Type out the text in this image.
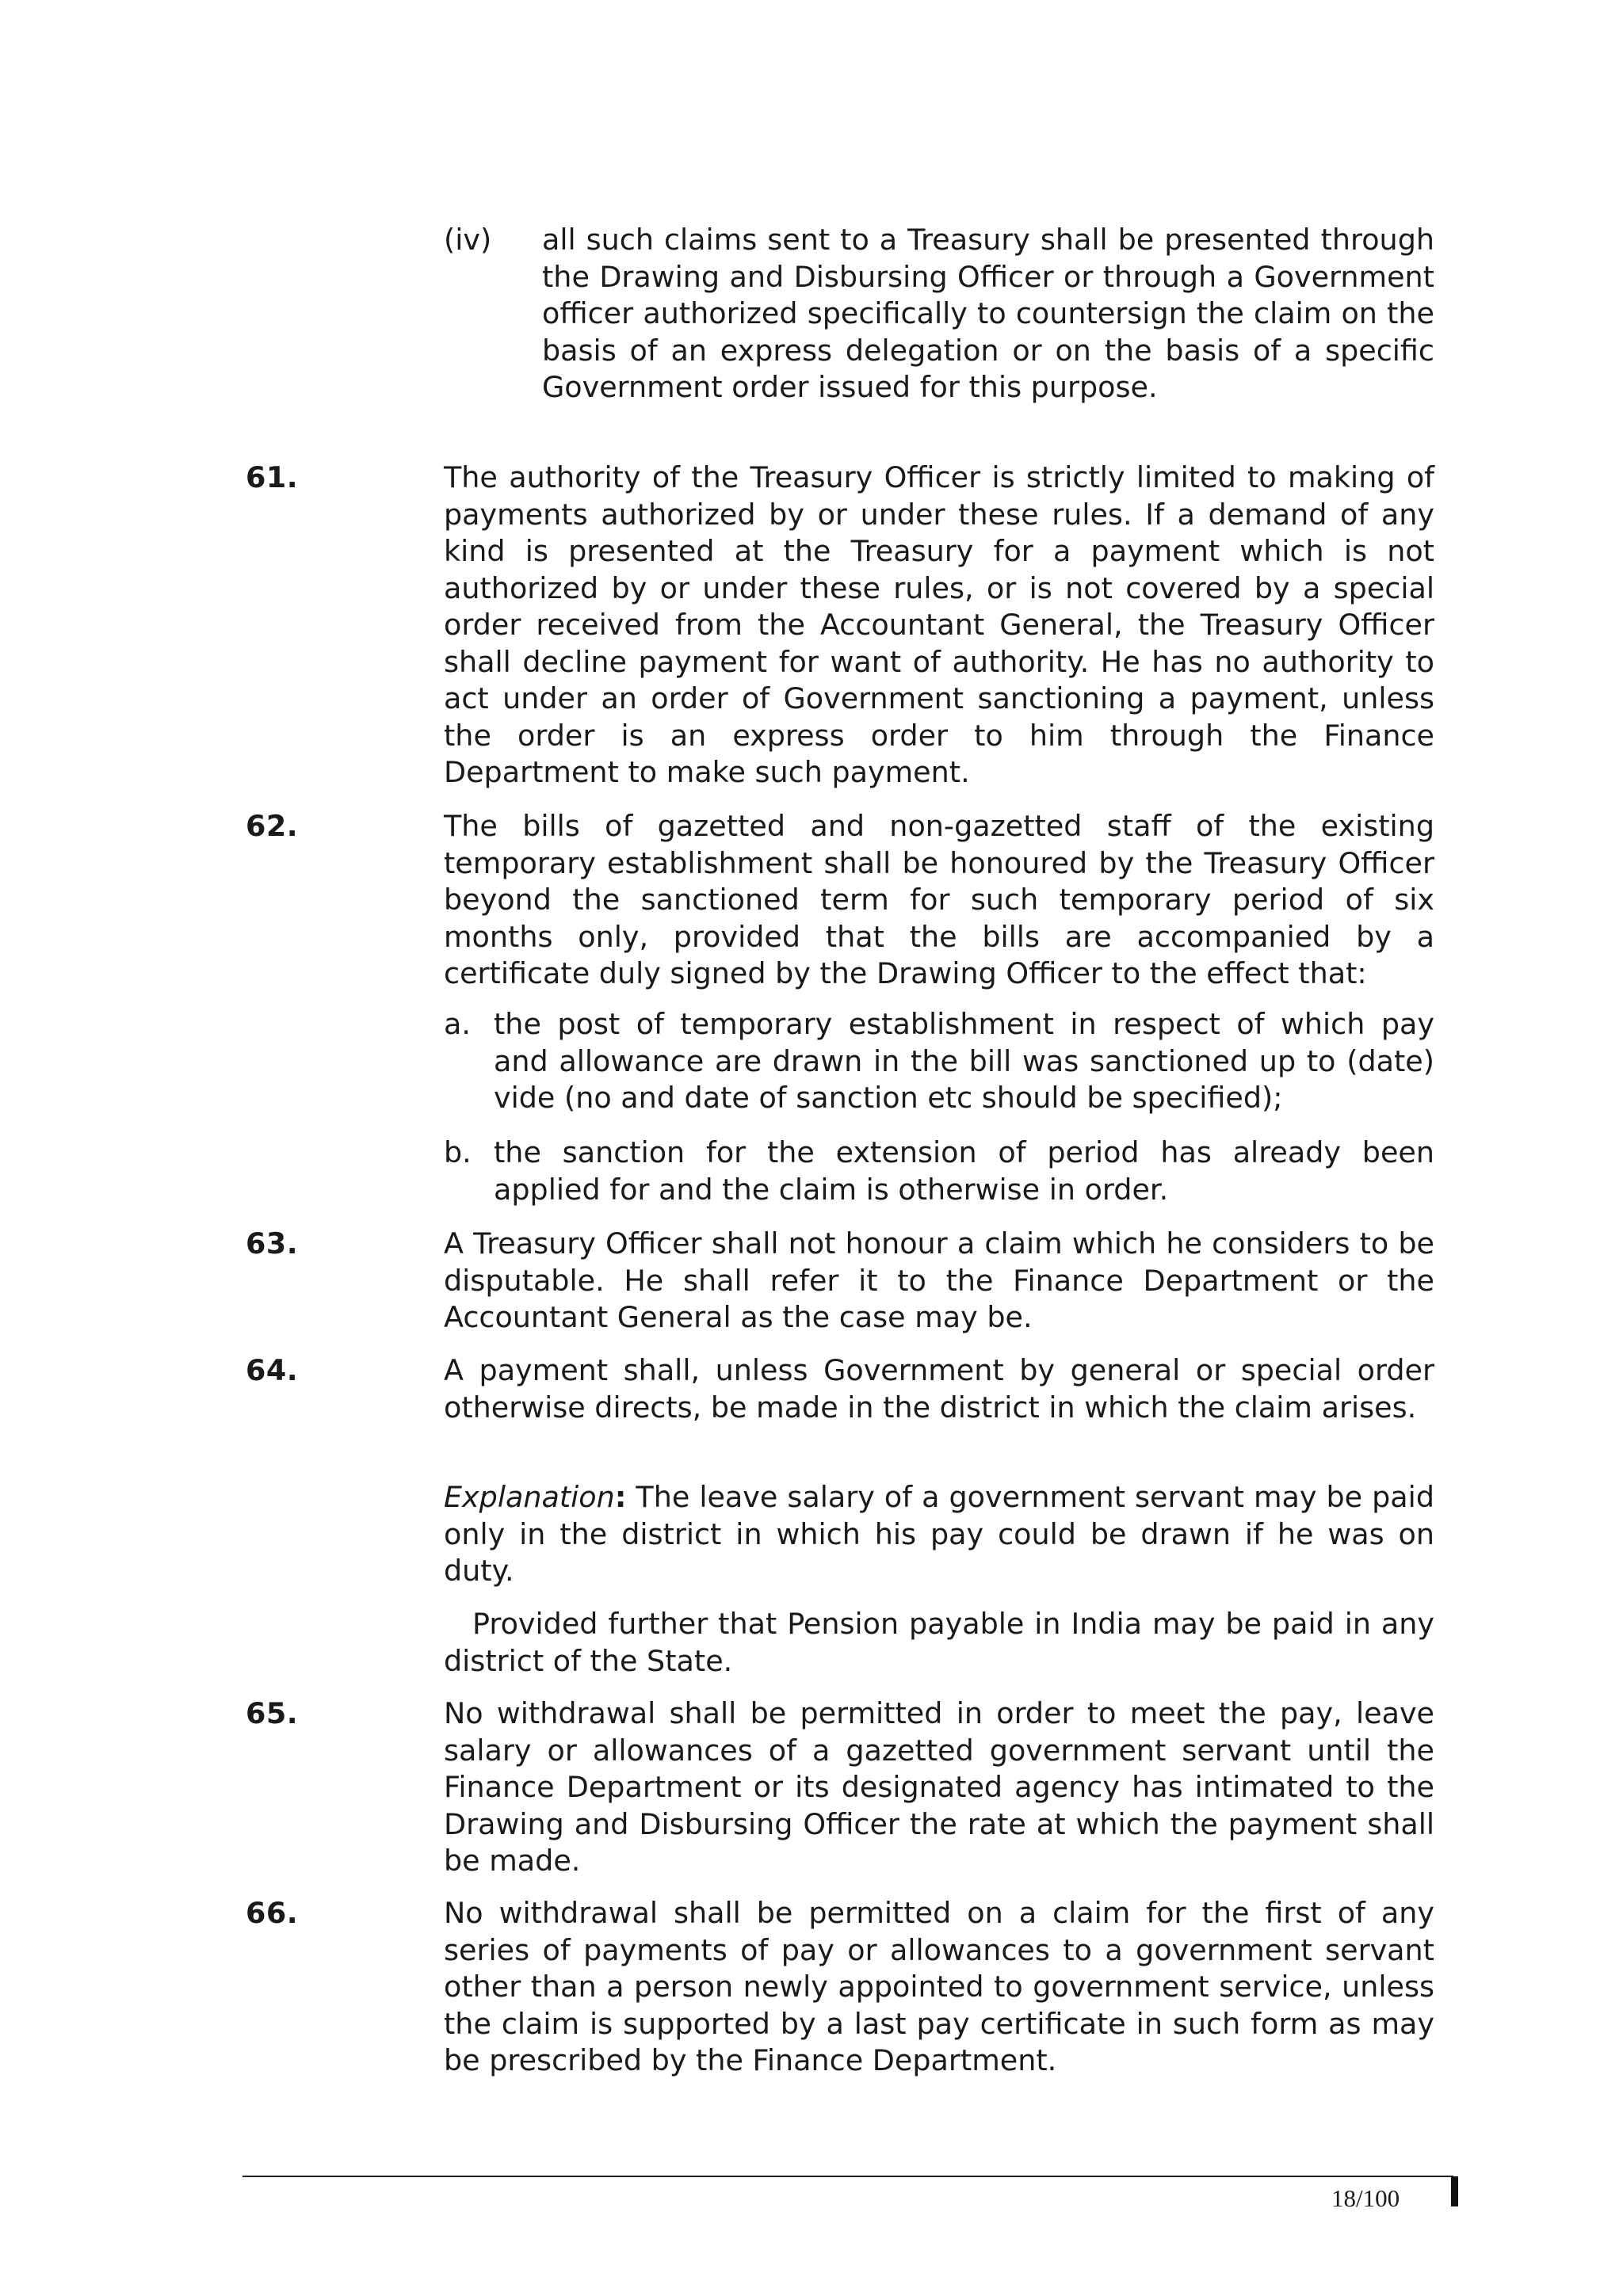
(iv) all such claims sent to a Treasury shall be presented through the Drawing and Disbursing Officer or through a Government officer authorized specifically to countersign the claim on the basis of an express delegation or on the basis of a specific Government order issued for this purpose.
61.	The authority of the Treasury Officer is strictly limited to making of payments authorized by or under these rules. If a demand of any kind is presented at the Treasury for a payment which is not authorized by or under these rules, or is not covered by a special order received from the Accountant General, the Treasury Officer shall decline payment for want of authority. He has no authority to act under an order of Government sanctioning a payment, unless the order is an express order to him through the Finance Department to make such payment.
62.	The bills of gazetted and non-gazetted staff of the existing temporary establishment shall be honoured by the Treasury Officer beyond the sanctioned term for such temporary period of six months only, provided that the bills are accompanied by a certificate duly signed by the Drawing Officer to the effect that:
a. the post of temporary establishment in respect of which pay and allowance are drawn in the bill was sanctioned up to (date) vide (no and date of sanction etc should be specified);
b. the sanction for the extension of period has already been applied for and the claim is otherwise in order.
63.	A Treasury Officer shall not honour a claim which he considers to be disputable. He shall refer it to the Finance Department or the Accountant General as the case may be.
64.	A payment shall, unless Government by general or special order otherwise directs, be made in the district in which the claim arises.
Explanation: The leave salary of a government servant may be paid only in the district in which his pay could be drawn if he was on duty.
Provided further that Pension payable in India may be paid in any district of the State.
65.	No withdrawal shall be permitted in order to meet the pay, leave salary or allowances of a gazetted government servant until the Finance Department or its designated agency has intimated to the Drawing and Disbursing Officer the rate at which the payment shall be made.
66.	No withdrawal shall be permitted on a claim for the first of any series of payments of pay or allowances to a government servant other than a person newly appointed to government service, unless the claim is supported by a last pay certificate in such form as may be prescribed by the Finance Department.
18/100
